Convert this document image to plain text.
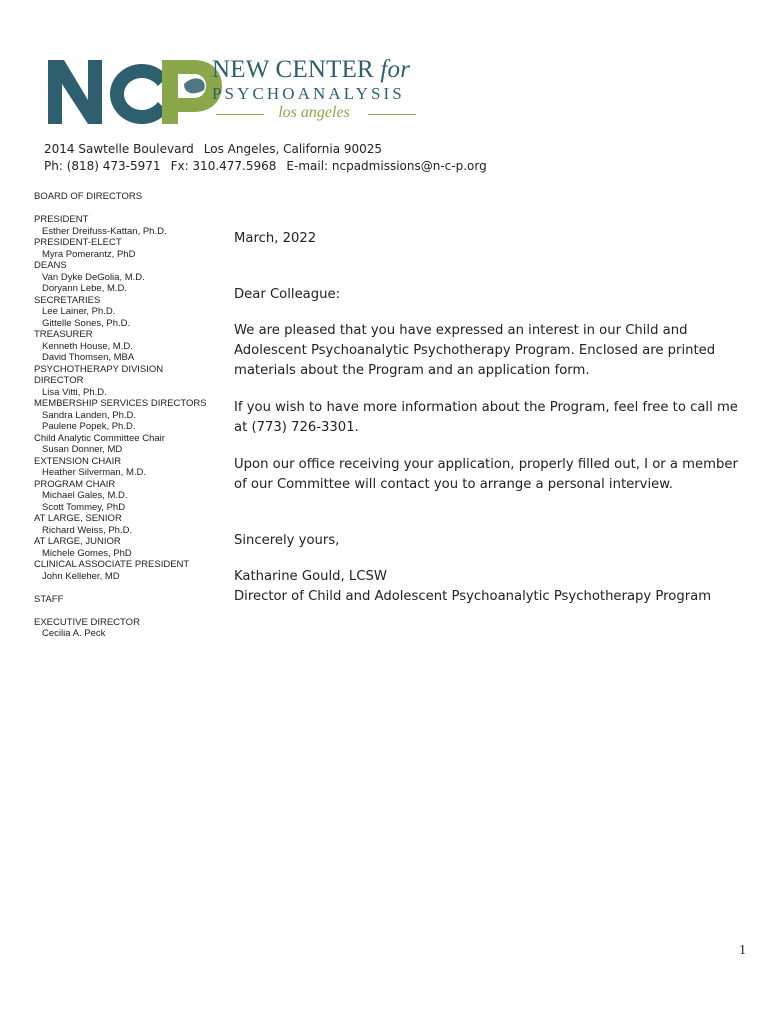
NEW CENTER for
PSYCHOANALYSIS
los angeles
2014 Sawtelle Boulevard Los Angeles, California 90025
Ph: (818) 473-5971 Fx: 310.477.5968 E-mail: ncpadmissions@n-c-p.org
BOARD OF DIRECTORS
PRESIDENT
Esther Dreifuss-Kattan, Ph.D.
PRESIDENT-ELECT
Myra Pomerantz, PhD
DEANS
Van Dyke DeGolia, M.D.
Doryann Lebe, M.D.
SECRETARIES
Lee Lainer, Ph.D.
Gittelle Sones, Ph.D.
TREASURER
Kenneth House, M.D.
David Thomsen, MBA
PSYCHOTHERAPY DIVISION
DIRECTOR
Lisa Vitti, Ph.D.
MEMBERSHIP SERVICES DIRECTORS
Sandra Landen, Ph.D.
Paulene Popek, Ph.D.
Child Analytic Committee Chair
Susan Donner, MD
EXTENSION CHAIR
Heather Silverman, M.D.
PROGRAM CHAIR
Michael Gales, M.D.
Scott Tommey, PhD
AT LARGE, SENIOR
Richard Weiss, Ph.D.
AT LARGE, JUNIOR
Michele Gomes, PhD
CLINICAL ASSOCIATE PRESIDENT
John Kelleher, MD
STAFF
EXECUTIVE DIRECTOR
Cecilia A. Peck

March, 2022

Dear Colleague:

We are pleased that you have expressed an interest in our Child and Adolescent Psychoanalytic Psychotherapy Program. Enclosed are printed materials about the Program and an application form.

If you wish to have more information about the Program, feel free to call me

at (773) 726-3301.

Upon our office receiving your application, properly filled out, I or a member

of our Committee will contact you to arrange a personal interview.

Sincerely yours,

Katharine Gould, LCSW

Director of Child and Adolescent Psychoanalytic Psychotherapy Program

1
